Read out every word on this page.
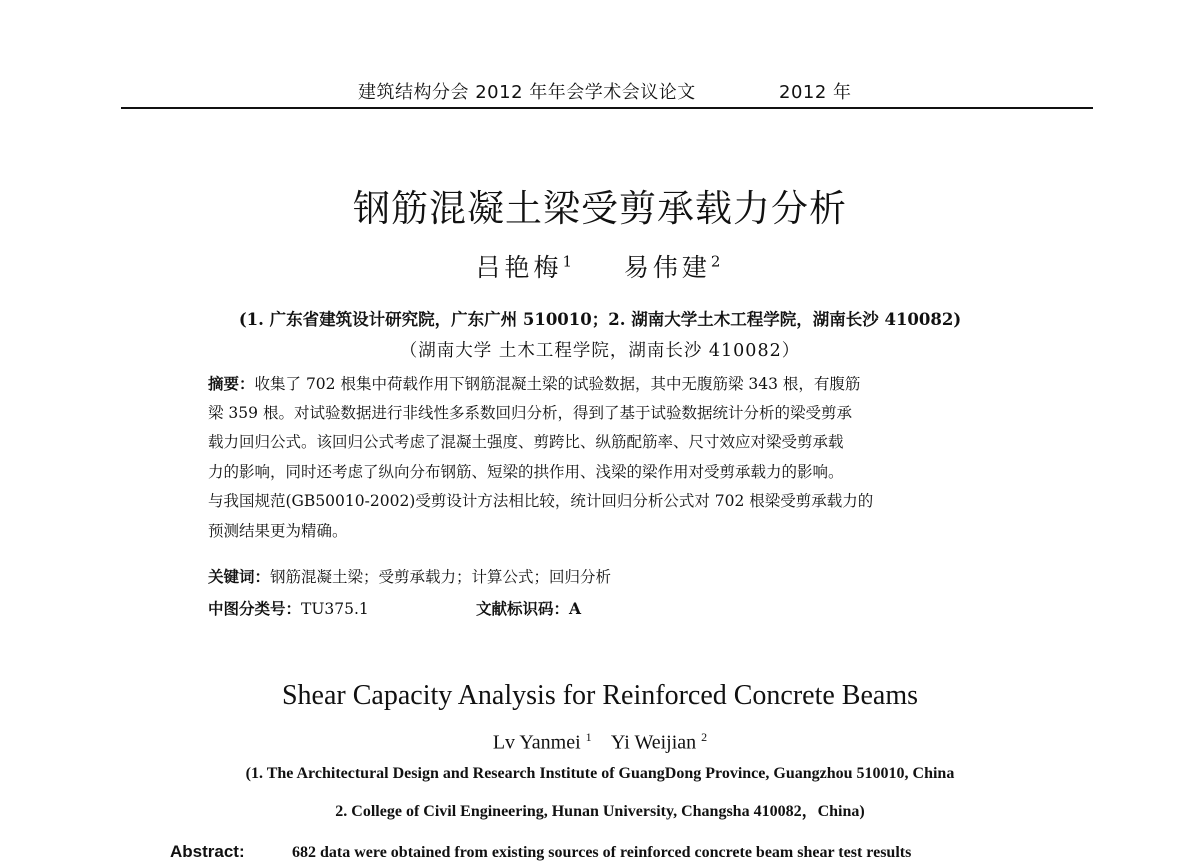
建筑结构分会 2012 年年会学术会议论文	2012 年
钢筋混凝土梁受剪承载力分析
吕艳梅$^1$ 易伟建$^2$
(1. 广东省建筑设计研究院，广东广州 510010；2. 湖南大学土木工程学院，湖南长沙 410082)
（湖南大学 土木工程学院，湖南长沙 410082）
摘要：收集了 702 根集中荷载作用下钢筋混凝土梁的试验数据，其中无腹筋梁 343 根，有腹筋
梁 359 根。对试验数据进行非线性多系数回归分析，得到了基于试验数据统计分析的梁受剪承
载力回归公式。该回归公式考虑了混凝土强度、剪跨比、纵筋配筋率、尺寸效应对梁受剪承载
力的影响，同时还考虑了纵向分布钢筋、短梁的拱作用、浅梁的梁作用对受剪承载力的影响。
与我国规范(GB50010-2002)受剪设计方法相比较，统计回归分析公式对 702 根梁受剪承载力的
预测结果更为精确。
关键词：钢筋混凝土梁；受剪承载力；计算公式；回归分析
中图分类号：TU375.1	文献标识码：A
Shear Capacity Analysis for Reinforced Concrete Beams
Lv Yanmei $^1$ Yi Weijian $^2$
(1. The Architectural Design and Research Institute of GuangDong Province, Guangzhou 510010, China
2. College of Civil Engineering, Hunan University, Changsha 410082，China)
Abstract:	682 data were obtained from existing sources of reinforced concrete beam shear test results
